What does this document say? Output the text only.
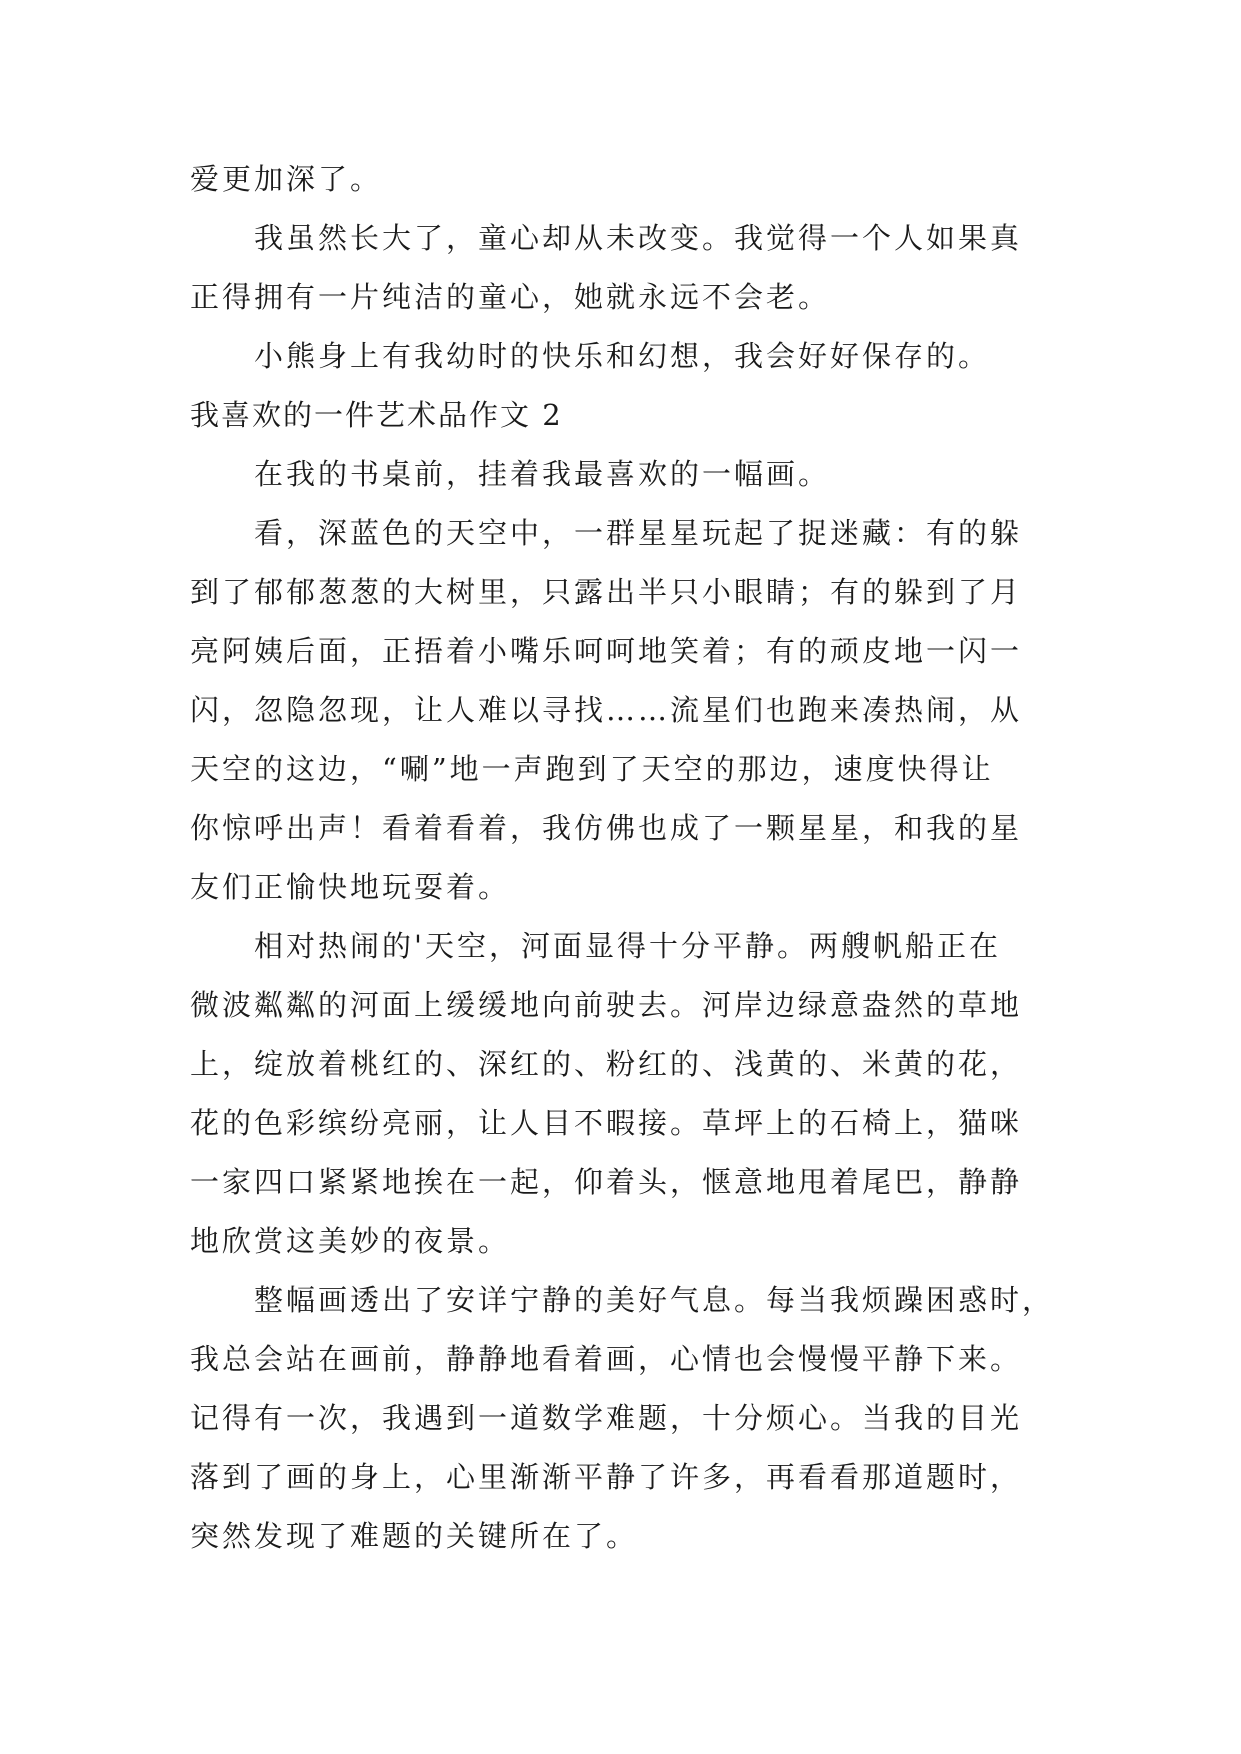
爱更加深了。
我虽然长大了，童心却从未改变。我觉得一个人如果真
正得拥有一片纯洁的童心，她就永远不会老。
小熊身上有我幼时的快乐和幻想，我会好好保存的。
我喜欢的一件艺术品作文 2
在我的书桌前，挂着我最喜欢的一幅画。
看，深蓝色的天空中，一群星星玩起了捉迷藏：有的躲
到了郁郁葱葱的大树里，只露出半只小眼睛；有的躲到了月
亮阿姨后面，正捂着小嘴乐呵呵地笑着；有的顽皮地一闪一
闪，忽隐忽现，让人难以寻找……流星们也跑来凑热闹，从
天空的这边，“唰”地一声跑到了天空的那边，速度快得让
你惊呼出声！看着看着，我仿佛也成了一颗星星，和我的星
友们正愉快地玩耍着。
相对热闹的'天空，河面显得十分平静。两艘帆船正在
微波粼粼的河面上缓缓地向前驶去。河岸边绿意盎然的草地
上，绽放着桃红的、深红的、粉红的、浅黄的、米黄的花，
花的色彩缤纷亮丽，让人目不暇接。草坪上的石椅上，猫咪
一家四口紧紧地挨在一起，仰着头，惬意地甩着尾巴，静静
地欣赏这美妙的夜景。
整幅画透出了安详宁静的美好气息。每当我烦躁困惑时，
我总会站在画前，静静地看着画，心情也会慢慢平静下来。
记得有一次，我遇到一道数学难题，十分烦心。当我的目光
落到了画的身上，心里渐渐平静了许多，再看看那道题时，
突然发现了难题的关键所在了。
